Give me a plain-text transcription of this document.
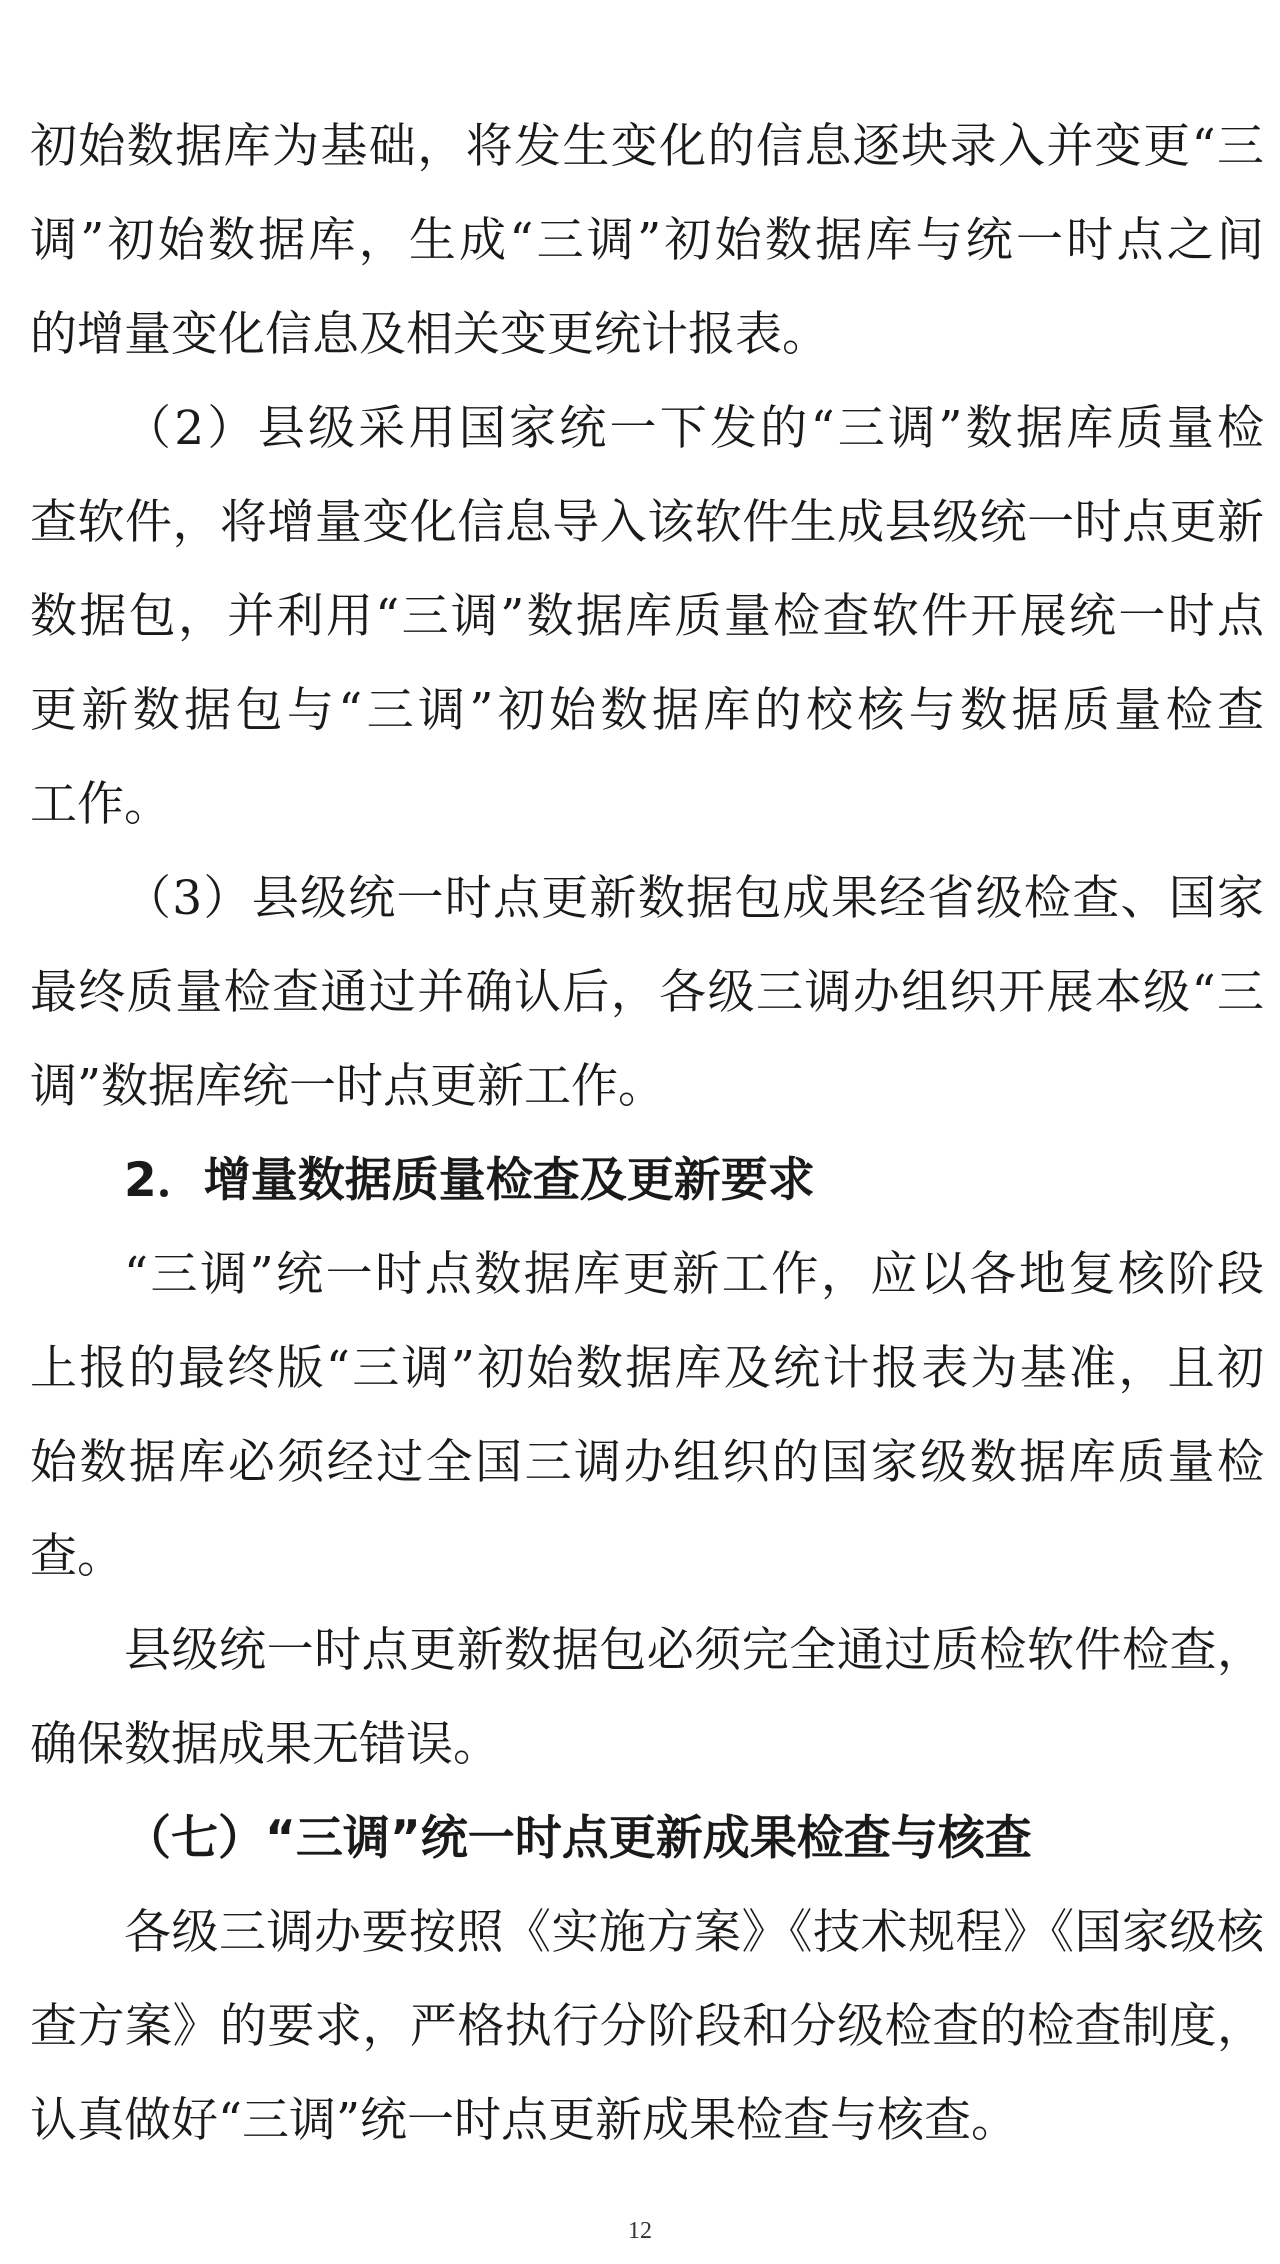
初始数据库为基础，将发生变化的信息逐块录入并变更“三
调”初始数据库，生成“三调”初始数据库与统一时点之间
的增量变化信息及相关变更统计报表。
（2）县级采用国家统一下发的“三调”数据库质量检
查软件，将增量变化信息导入该软件生成县级统一时点更新
数据包，并利用“三调”数据库质量检查软件开展统一时点
更新数据包与“三调”初始数据库的校核与数据质量检查
工作。
（3）县级统一时点更新数据包成果经省级检查、国家
最终质量检查通过并确认后，各级三调办组织开展本级“三
调”数据库统一时点更新工作。
2．增量数据质量检查及更新要求
“三调”统一时点数据库更新工作，应以各地复核阶段
上报的最终版“三调”初始数据库及统计报表为基准，且初
始数据库必须经过全国三调办组织的国家级数据库质量检
查。
县级统一时点更新数据包必须完全通过质检软件检查，
确保数据成果无错误。
（七）“三调”统一时点更新成果检查与核查
各级三调办要按照《实施方案》《技术规程》《国家级核
查方案》的要求，严格执行分阶段和分级检查的检查制度，
认真做好“三调”统一时点更新成果检查与核查。
12
